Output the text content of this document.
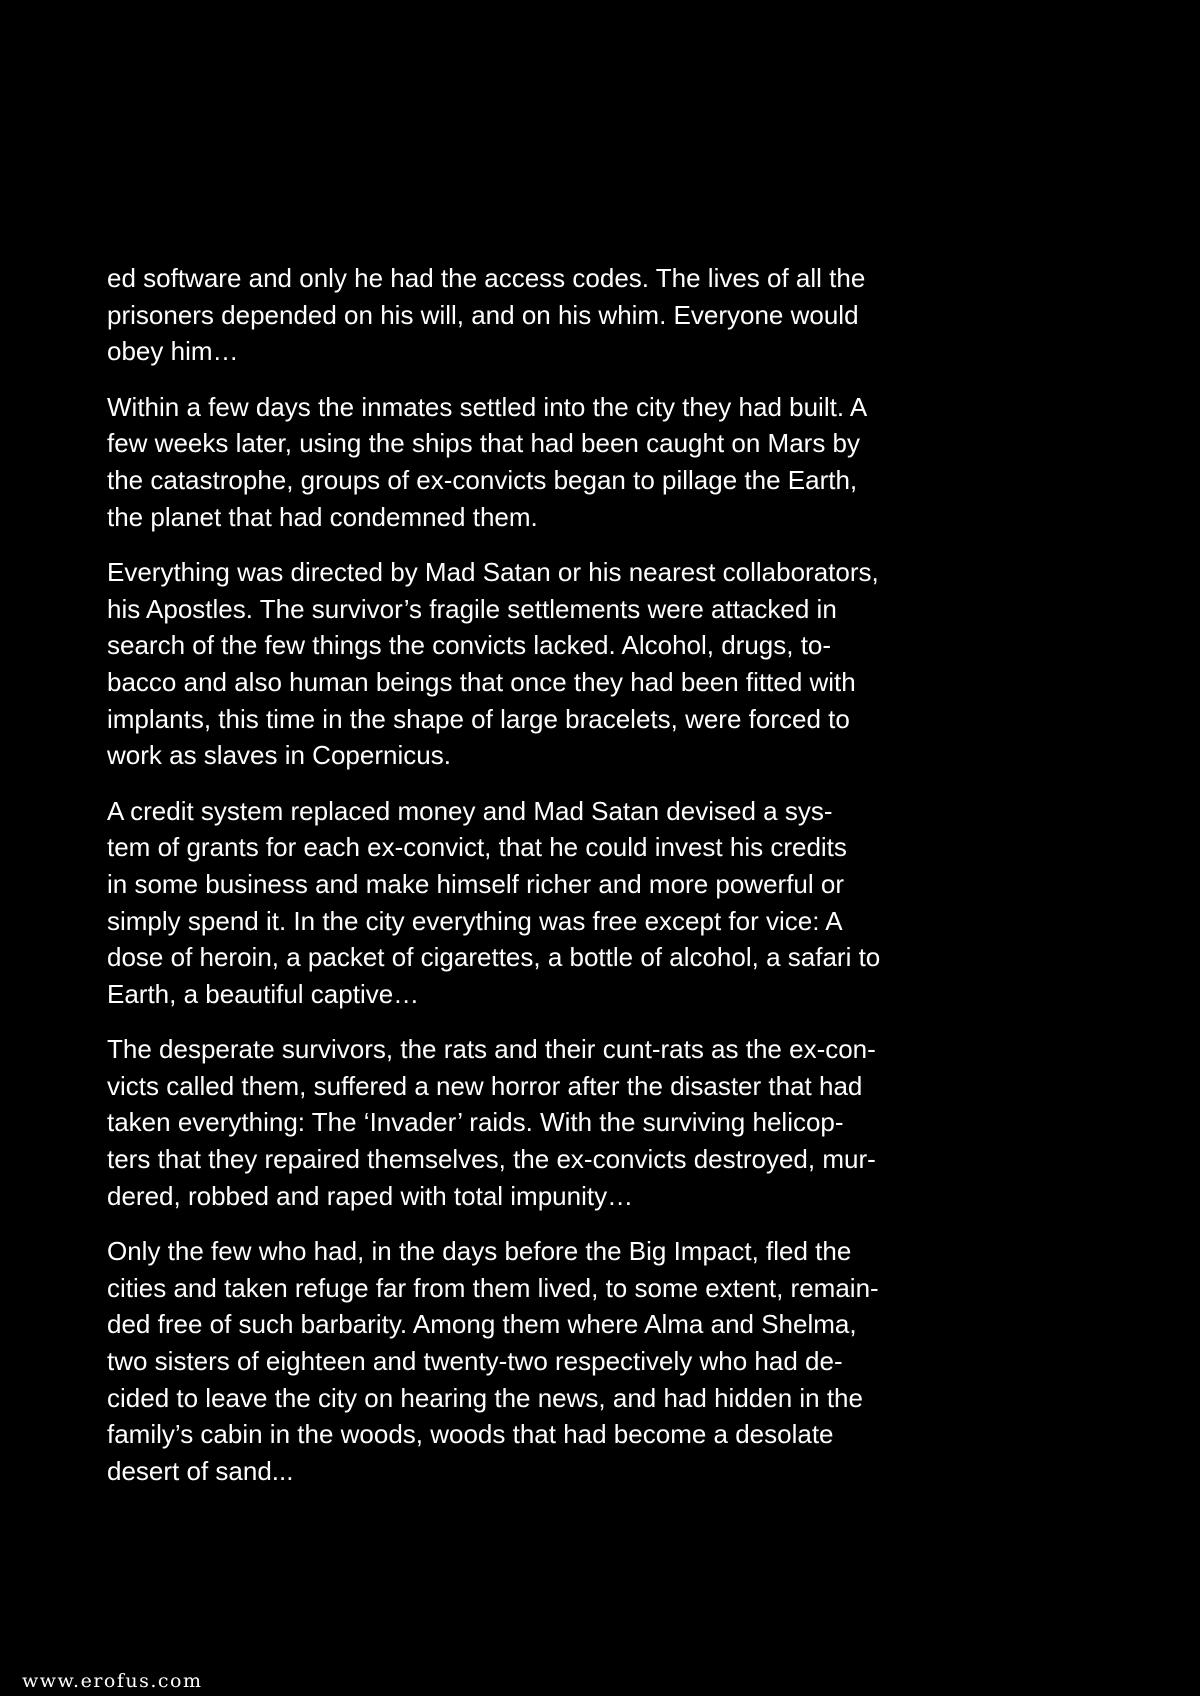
ed software and only he had the access codes. The lives of all the
prisoners depended on his will, and on his whim. Everyone would
obey him…

Within a few days the inmates settled into the city they had built. A
few weeks later, using the ships that had been caught on Mars by
the catastrophe, groups of ex-convicts began to pillage the Earth,
the planet that had condemned them.

Everything was directed by Mad Satan or his nearest collaborators,
his Apostles. The survivor’s fragile settlements were attacked in
search of the few things the convicts lacked. Alcohol, drugs, to-
bacco and also human beings that once they had been fitted with
implants, this time in the shape of large bracelets, were forced to
work as slaves in Copernicus.

A credit system replaced money and Mad Satan devised a sys-
tem of grants for each ex-convict, that he could invest his credits
in some business and make himself richer and more powerful or
simply spend it. In the city everything was free except for vice: A
dose of heroin, a packet of cigarettes, a bottle of alcohol, a safari to
Earth, a beautiful captive…

The desperate survivors, the rats and their cunt-rats as the ex-con-
victs called them, suffered a new horror after the disaster that had
taken everything: The ‘Invader’ raids. With the surviving helicop-
ters that they repaired themselves, the ex-convicts destroyed, mur-
dered, robbed and raped with total impunity…

Only the few who had, in the days before the Big Impact, fled the
cities and taken refuge far from them lived, to some extent, remain-
ded free of such barbarity. Among them where Alma and Shelma,
two sisters of eighteen and twenty-two respectively who had de-
cided to leave the city on hearing the news, and had hidden in the
family’s cabin in the woods, woods that had become a desolate
desert of sand...

www.erofus.com
